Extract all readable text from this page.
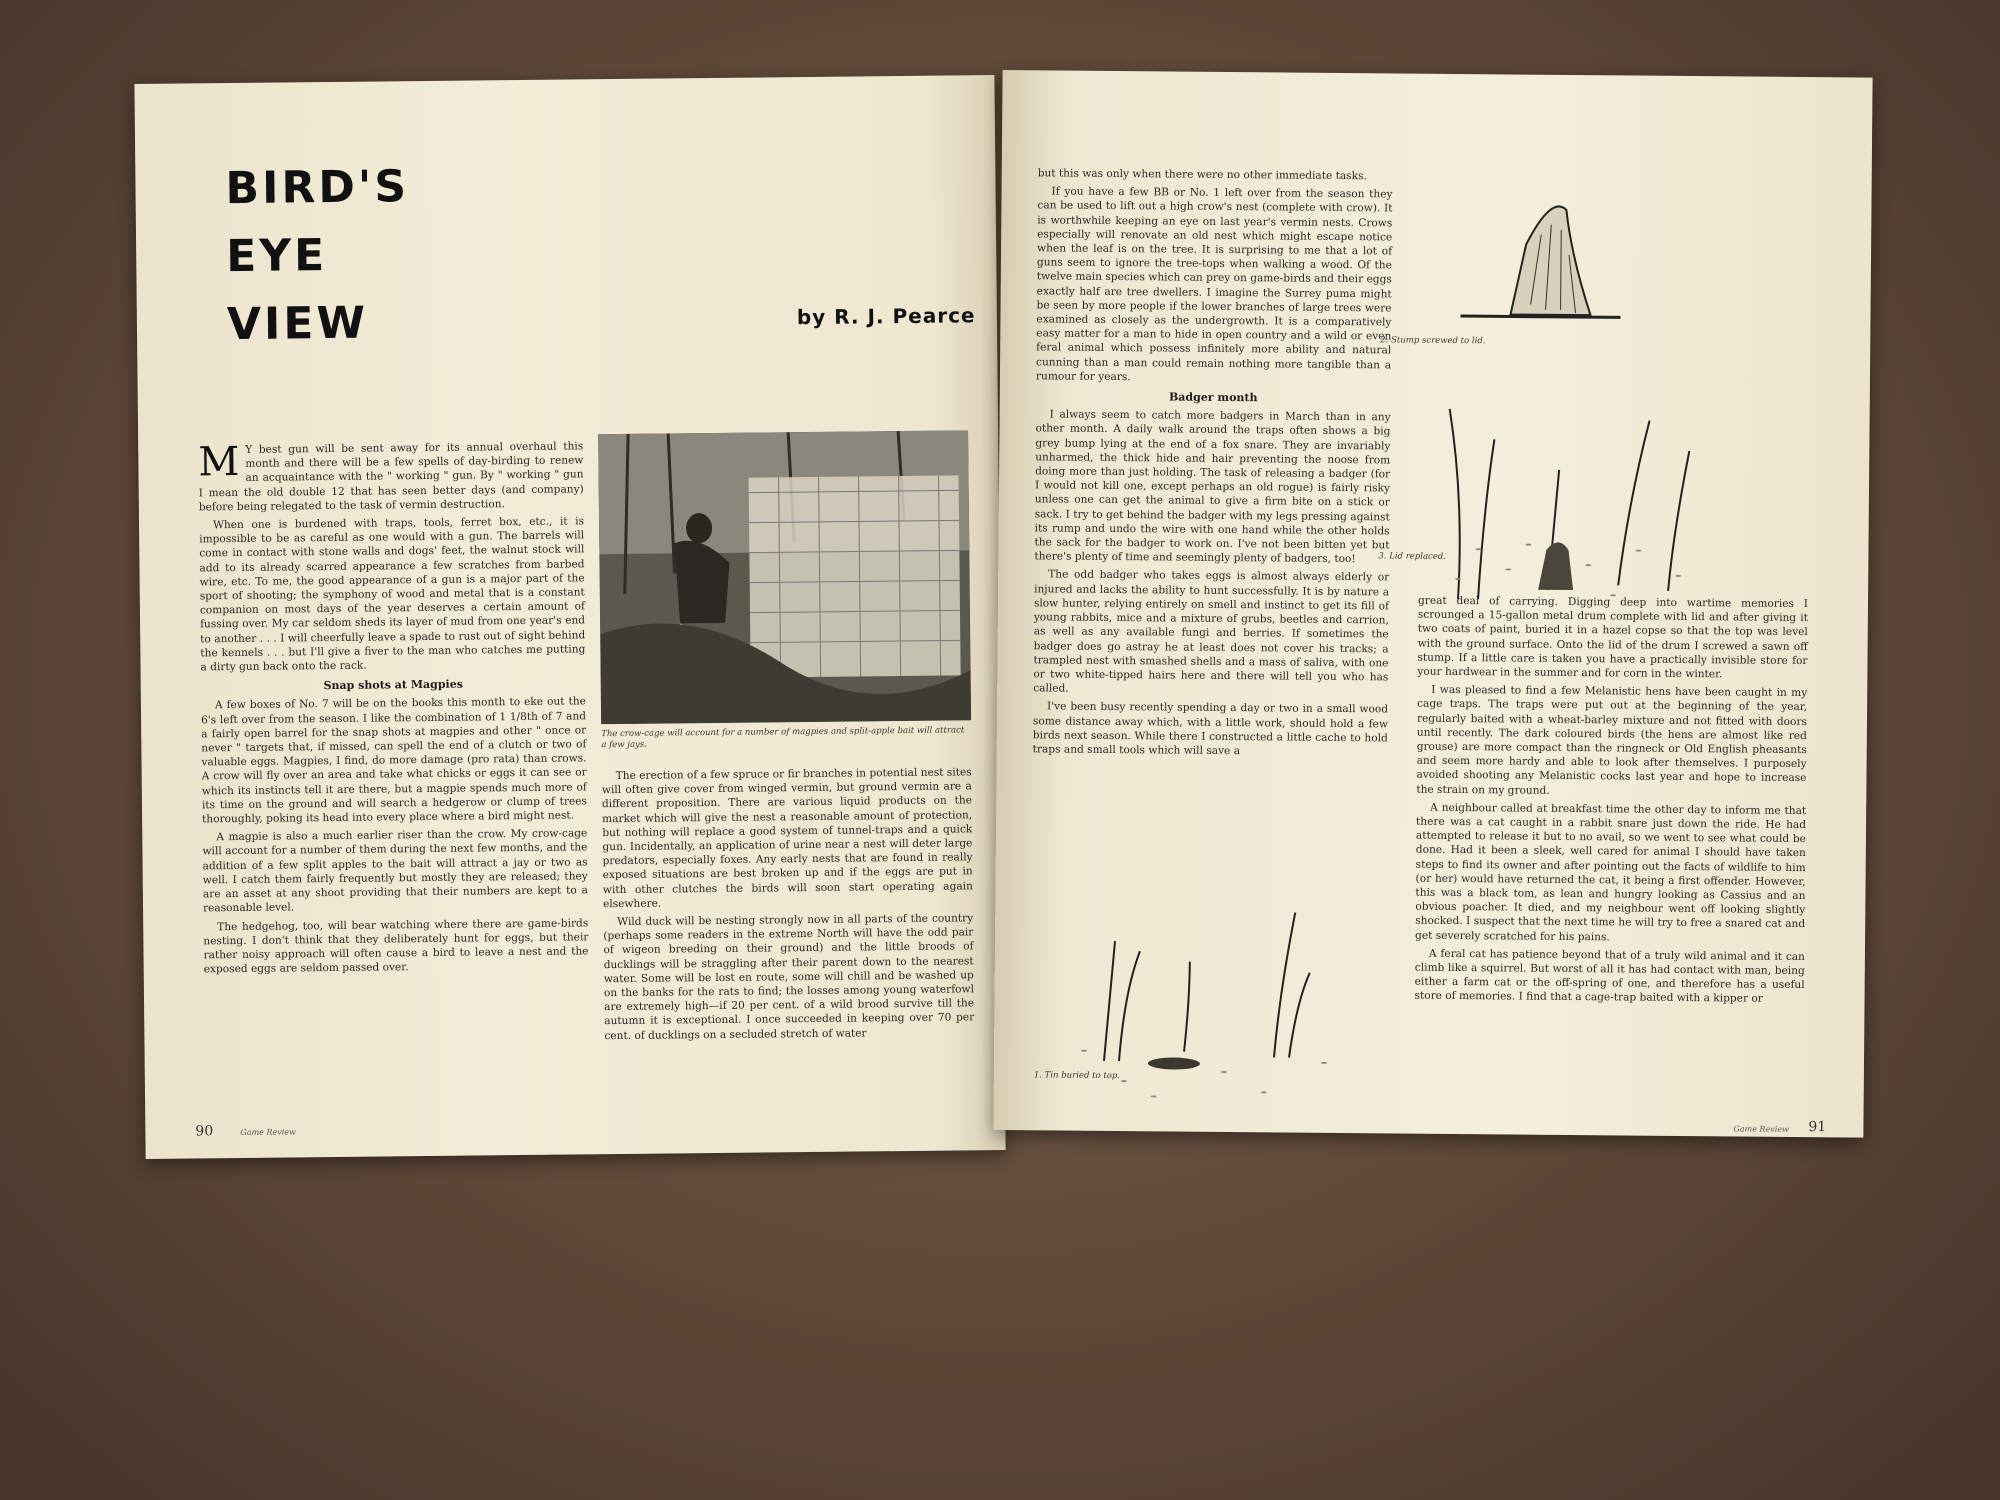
BIRD'S
EYE
VIEW	by R. J. Pearce

M Y best gun will be sent away for its annual overhaul this month and there will be a few spells of day-birding to renew an acquaintance with the " working " gun. By " working " gun I mean the old double 12 that has seen better days (and company) before being relegated to the task of vermin destruction.

When one is burdened with traps, tools, ferret box, etc., it is impossible to be as careful as one would with a gun. The barrels will come in contact with stone walls and dogs' feet, the walnut stock will add to its already scarred appearance a few scratches from barbed wire, etc. To me, the good appearance of a gun is a major part of the sport of shooting; the symphony of wood and metal that is a constant companion on most days of the year deserves a certain amount of fussing over. My car seldom sheds its layer of mud from one year's end to another . . . I will cheerfully leave a spade to rust out of sight behind the kennels . . . but I'll give a fiver to the man who catches me putting a dirty gun back onto the rack.

Snap shots at Magpies

A few boxes of No. 7 will be on the books this month to eke out the 6's left over from the season. I like the combination of 1 1/8th of 7 and a fairly open barrel for the snap shots at magpies and other " once or never " targets that, if missed, can spell the end of a clutch or two of valuable eggs. Magpies, I find, do more damage (pro rata) than crows. A crow will fly over an area and take what chicks or eggs it can see or which its instincts tell it are there, but a magpie spends much more of its time on the ground and will search a hedgerow or clump of trees thoroughly, poking its head into every place where a bird might nest.

A magpie is also a much earlier riser than the crow. My crow-cage will account for a number of them during the next few months, and the addition of a few split apples to the bait will attract a jay or two as well. I catch them fairly frequently but mostly they are released; they are an asset at any shoot providing that their numbers are kept to a reasonable level.

The hedgehog, too, will bear watching where there are game-birds nesting. I don't think that they deliberately hunt for eggs, but their rather noisy approach will often cause a bird to leave a nest and the exposed eggs are seldom passed over.

The crow-cage will account for a number of magpies and split-apple bait will attract a few jays.

The erection of a few spruce or fir branches in potential nest sites will often give cover from winged vermin, but ground vermin are a different proposition. There are various liquid products on the market which will give the nest a reasonable amount of protection, but nothing will replace a good system of tunnel-traps and a quick gun. Incidentally, an application of urine near a nest will deter large predators, especially foxes. Any early nests that are found in really exposed situations are best broken up and if the eggs are put in with other clutches the birds will soon start operating again elsewhere.

Wild duck will be nesting strongly now in all parts of the country (perhaps some readers in the extreme North will have the odd pair of wigeon breeding on their ground) and the little broods of ducklings will be straggling after their parent down to the nearest water. Some will be lost en route, some will chill and be washed up on the banks for the rats to find; the losses among young waterfowl are extremely high—if 20 per cent. of a wild brood survive till the autumn it is exceptional. I once succeeded in keeping over 70 per cent. of ducklings on a secluded stretch of water

90	Game Review

but this was only when there were no other immediate tasks.

If you have a few BB or No. 1 left over from the season they can be used to lift out a high crow's nest (complete with crow). It is worthwhile keeping an eye on last year's vermin nests. Crows especially will renovate an old nest which might escape notice when the leaf is on the tree. It is surprising to me that a lot of guns seem to ignore the tree-tops when walking a wood. Of the twelve main species which can prey on game-birds and their eggs exactly half are tree dwellers. I imagine the Surrey puma might be seen by more people if the lower branches of large trees were examined as closely as the undergrowth. It is a comparatively easy matter for a man to hide in open country and a wild or even feral animal which possess infinitely more ability and natural cunning than a man could remain nothing more tangible than a rumour for years.

Badger month

I always seem to catch more badgers in March than in any other month. A daily walk around the traps often shows a big grey bump lying at the end of a fox snare. They are invariably unharmed, the thick hide and hair preventing the noose from doing more than just holding. The task of releasing a badger (for I would not kill one, except perhaps an old rogue) is fairly risky unless one can get the animal to give a firm bite on a stick or sack. I try to get behind the badger with my legs pressing against its rump and undo the wire with one hand while the other holds the sack for the badger to work on. I've not been bitten yet but there's plenty of time and seemingly plenty of badgers, too!

The odd badger who takes eggs is almost always elderly or injured and lacks the ability to hunt successfully. It is by nature a slow hunter, relying entirely on smell and instinct to get its fill of young rabbits, mice and a mixture of grubs, beetles and carrion, as well as any available fungi and berries. If sometimes the badger does go astray he at least does not cover his tracks; a trampled nest with smashed shells and a mass of saliva, with one or two white-tipped hairs here and there will tell you who has called.

I've been busy recently spending a day or two in a small wood some distance away which, with a little work, should hold a few birds next season. While there I constructed a little cache to hold traps and small tools which will save a

2. Stump screwed to lid.
3. Lid replaced.
1. Tin buried to top.

great deal of carrying. Digging deep into wartime memories I scrounged a 15-gallon metal drum complete with lid and after giving it two coats of paint, buried it in a hazel copse so that the top was level with the ground surface. Onto the lid of the drum I screwed a sawn off stump. If a little care is taken you have a practically invisible store for your hardwear in the summer and for corn in the winter.

I was pleased to find a few Melanistic hens have been caught in my cage traps. The traps were put out at the beginning of the year, regularly baited with a wheat-barley mixture and not fitted with doors until recently. The dark coloured birds (the hens are almost like red grouse) are more compact than the ringneck or Old English pheasants and seem more hardy and able to look after themselves. I purposely avoided shooting any Melanistic cocks last year and hope to increase the strain on my ground.

A neighbour called at breakfast time the other day to inform me that there was a cat caught in a rabbit snare just down the ride. He had attempted to release it but to no avail, so we went to see what could be done. Had it been a sleek, well cared for animal I should have taken steps to find its owner and after pointing out the facts of wildlife to him (or her) would have returned the cat, it being a first offender. However, this was a black tom, as lean and hungry looking as Cassius and an obvious poacher. It died, and my neighbour went off looking slightly shocked. I suspect that the next time he will try to free a snared cat and get severely scratched for his pains.

A feral cat has patience beyond that of a truly wild animal and it can climb like a squirrel. But worst of all it has had contact with man, being either a farm cat or the off-spring of one, and therefore has a useful store of memories. I find that a cage-trap baited with a kipper or

Game Review 91
